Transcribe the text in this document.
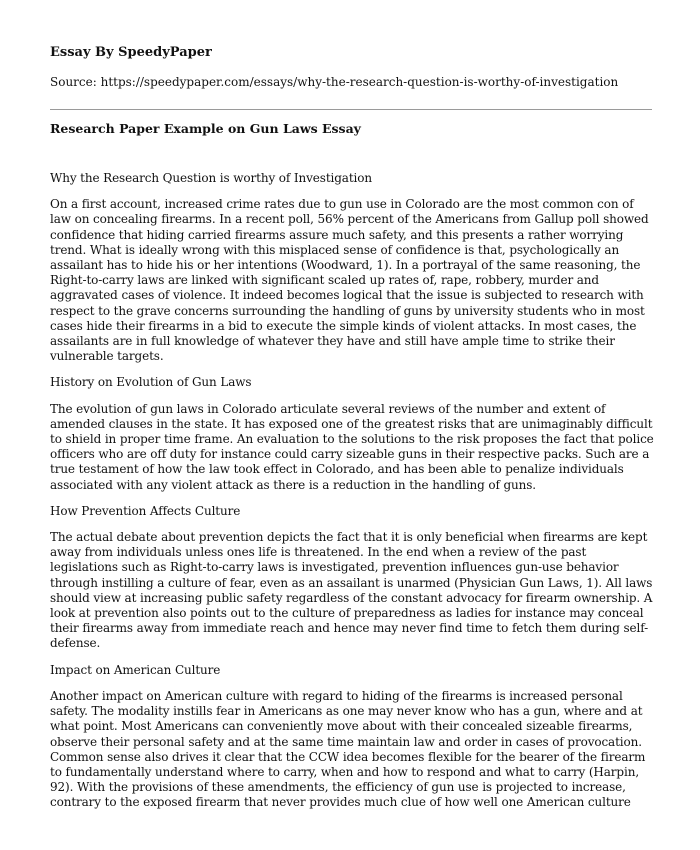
Essay By SpeedyPaper

Source: https://speedypaper.com/essays/why-the-research-question-is-worthy-of-investigation

Research Paper Example on Gun Laws Essay

Why the Research Question is worthy of Investigation

On a first account, increased crime rates due to gun use in Colorado are the most common con of law on concealing firearms. In a recent poll, 56% percent of the Americans from Gallup poll showed confidence that hiding carried firearms assure much safety, and this presents a rather worrying trend. What is ideally wrong with this misplaced sense of confidence is that, psychologically an assailant has to hide his or her intentions (Woodward, 1). In a portrayal of the same reasoning, the Right-to-carry laws are linked with significant scaled up rates of, rape, robbery, murder and aggravated cases of violence. It indeed becomes logical that the issue is subjected to research with respect to the grave concerns surrounding the handling of guns by university students who in most cases hide their firearms in a bid to execute the simple kinds of violent attacks. In most cases, the assailants are in full knowledge of whatever they have and still have ample time to strike their vulnerable targets.

History on Evolution of Gun Laws

The evolution of gun laws in Colorado articulate several reviews of the number and extent of amended clauses in the state. It has exposed one of the greatest risks that are unimaginably difficult to shield in proper time frame. An evaluation to the solutions to the risk proposes the fact that police officers who are off duty for instance could carry sizeable guns in their respective packs. Such are a true testament of how the law took effect in Colorado, and has been able to penalize individuals associated with any violent attack as there is a reduction in the handling of guns.

How Prevention Affects Culture

The actual debate about prevention depicts the fact that it is only beneficial when firearms are kept away from individuals unless ones life is threatened. In the end when a review of the past legislations such as Right-to-carry laws is investigated, prevention influences gun-use behavior through instilling a culture of fear, even as an assailant is unarmed (Physician Gun Laws, 1). All laws should view at increasing public safety regardless of the constant advocacy for firearm ownership. A look at prevention also points out to the culture of preparedness as ladies for instance may conceal their firearms away from immediate reach and hence may never find time to fetch them during self-defense.

Impact on American Culture

Another impact on American culture with regard to hiding of the firearms is increased personal safety. The modality instills fear in Americans as one may never know who has a gun, where and at what point. Most Americans can conveniently move about with their concealed sizeable firearms, observe their personal safety and at the same time maintain law and order in cases of provocation. Common sense also drives it clear that the CCW idea becomes flexible for the bearer of the firearm to fundamentally understand where to carry, when and how to respond and what to carry (Harpin, 92). With the provisions of these amendments, the efficiency of gun use is projected to increase, contrary to the exposed firearm that never provides much clue of how well one American culture
